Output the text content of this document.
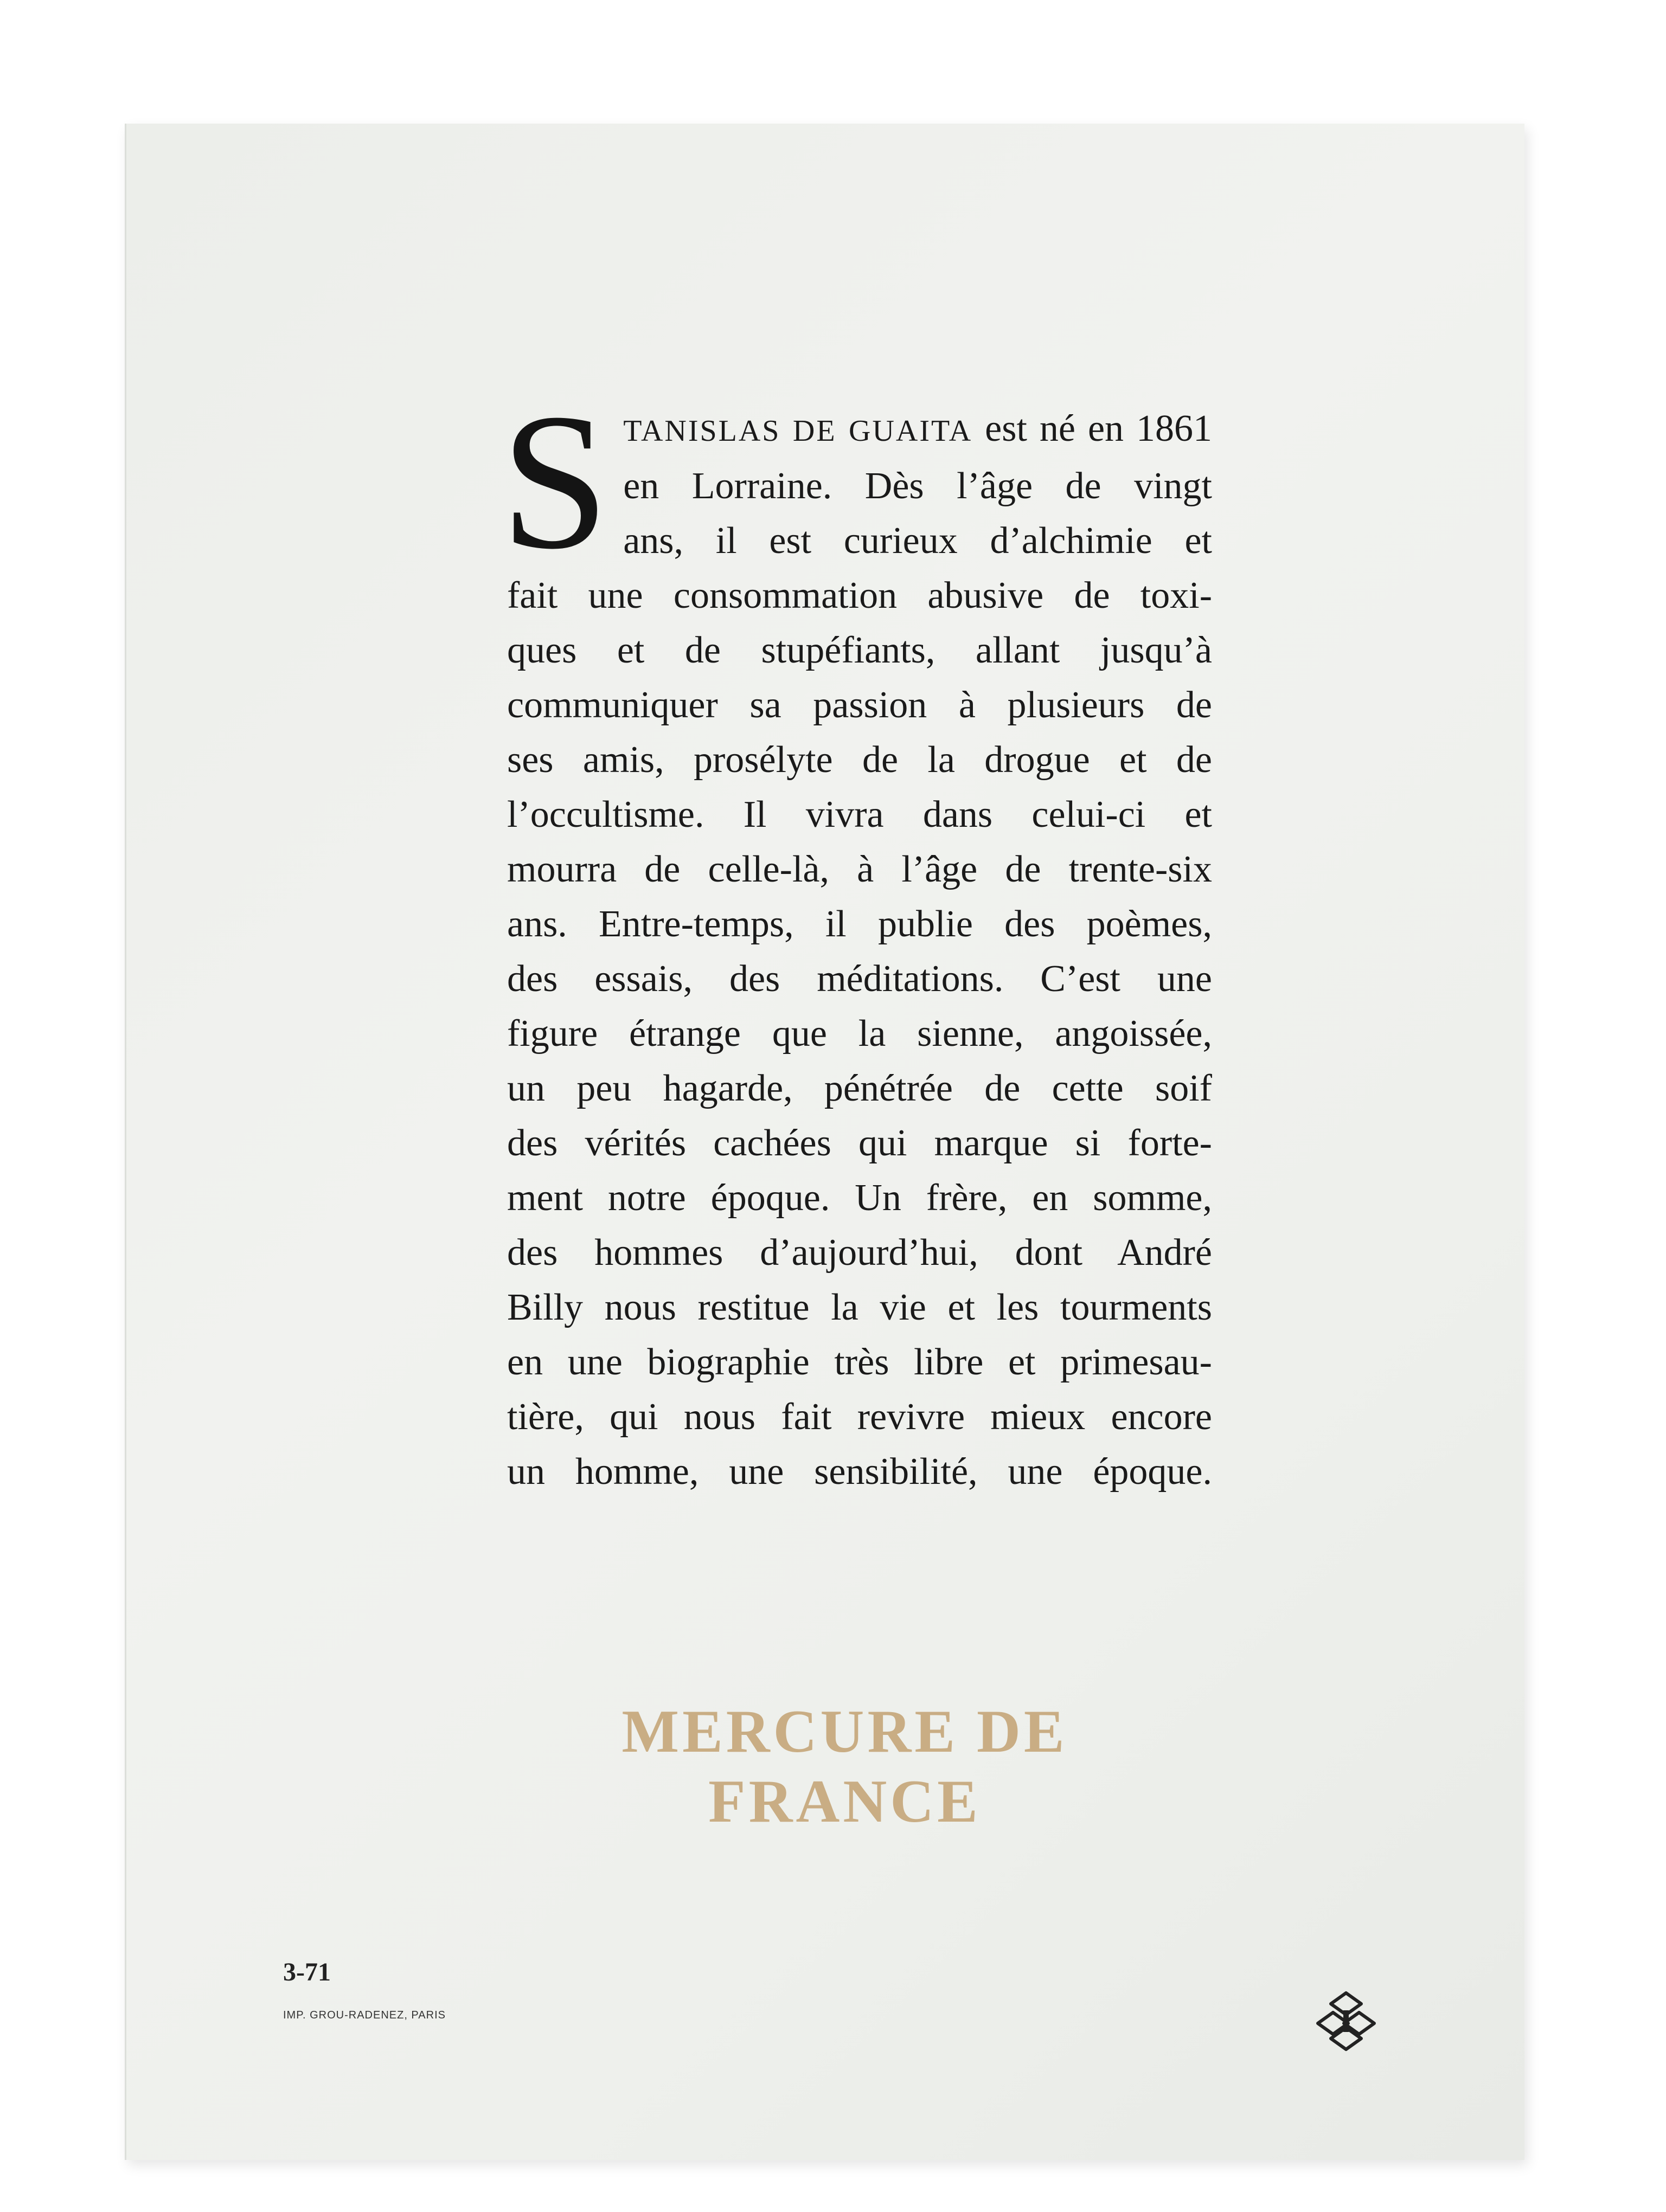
S TANISLAS DE GUAITA est né en 1861
en Lorraine. Dès l’âge de vingt
ans, il est curieux d’alchimie et
fait une consommation abusive de toxi-
ques et de stupéfiants, allant jusqu’à
communiquer sa passion à plusieurs de
ses amis, prosélyte de la drogue et de
l’occultisme. Il vivra dans celui-ci et
mourra de celle-là, à l’âge de trente-six
ans. Entre-temps, il publie des poèmes,
des essais, des méditations. C’est une
figure étrange que la sienne, angoissée,
un peu hagarde, pénétrée de cette soif
des vérités cachées qui marque si forte-
ment notre époque. Un frère, en somme,
des hommes d’aujourd’hui, dont André
Billy nous restitue la vie et les tourments
en une biographie très libre et primesau-
tière, qui nous fait revivre mieux encore
un homme, une sensibilité, une époque.
MERCURE DE FRANCE
3-71
IMP. GROU-RADENEZ, PARIS
